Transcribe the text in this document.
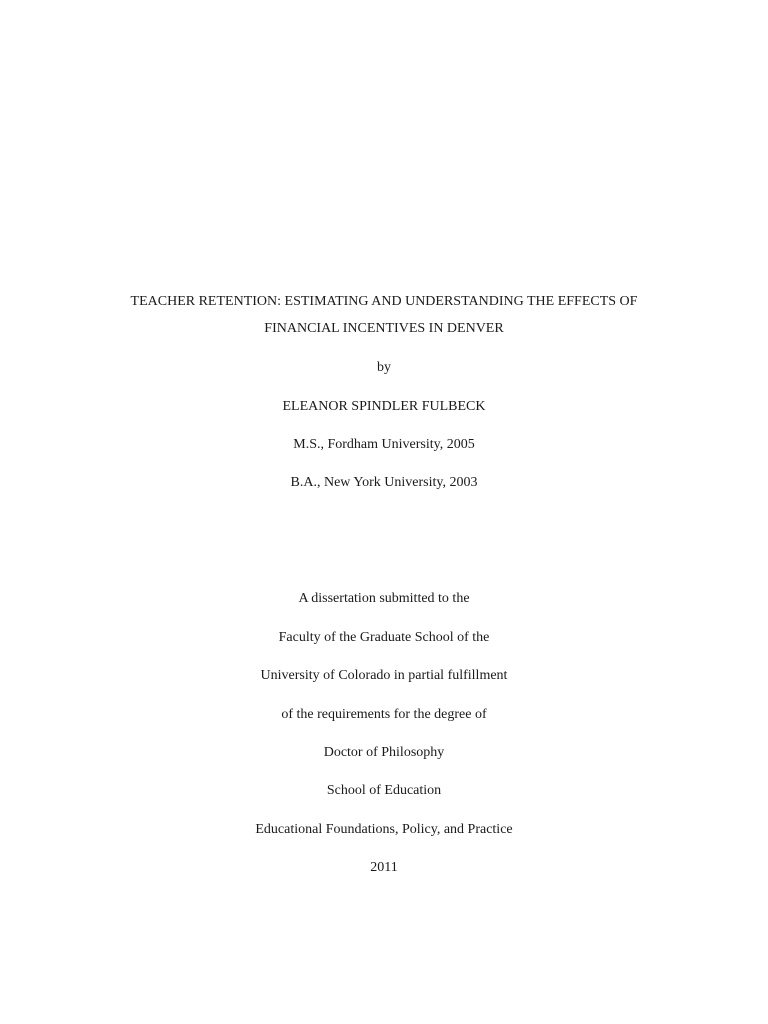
TEACHER RETENTION: ESTIMATING AND UNDERSTANDING THE EFFECTS OF
FINANCIAL INCENTIVES IN DENVER
by
ELEANOR SPINDLER FULBECK
M.S., Fordham University, 2005
B.A., New York University, 2003
A dissertation submitted to the
Faculty of the Graduate School of the
University of Colorado in partial fulfillment
of the requirements for the degree of
Doctor of Philosophy
School of Education
Educational Foundations, Policy, and Practice
2011
